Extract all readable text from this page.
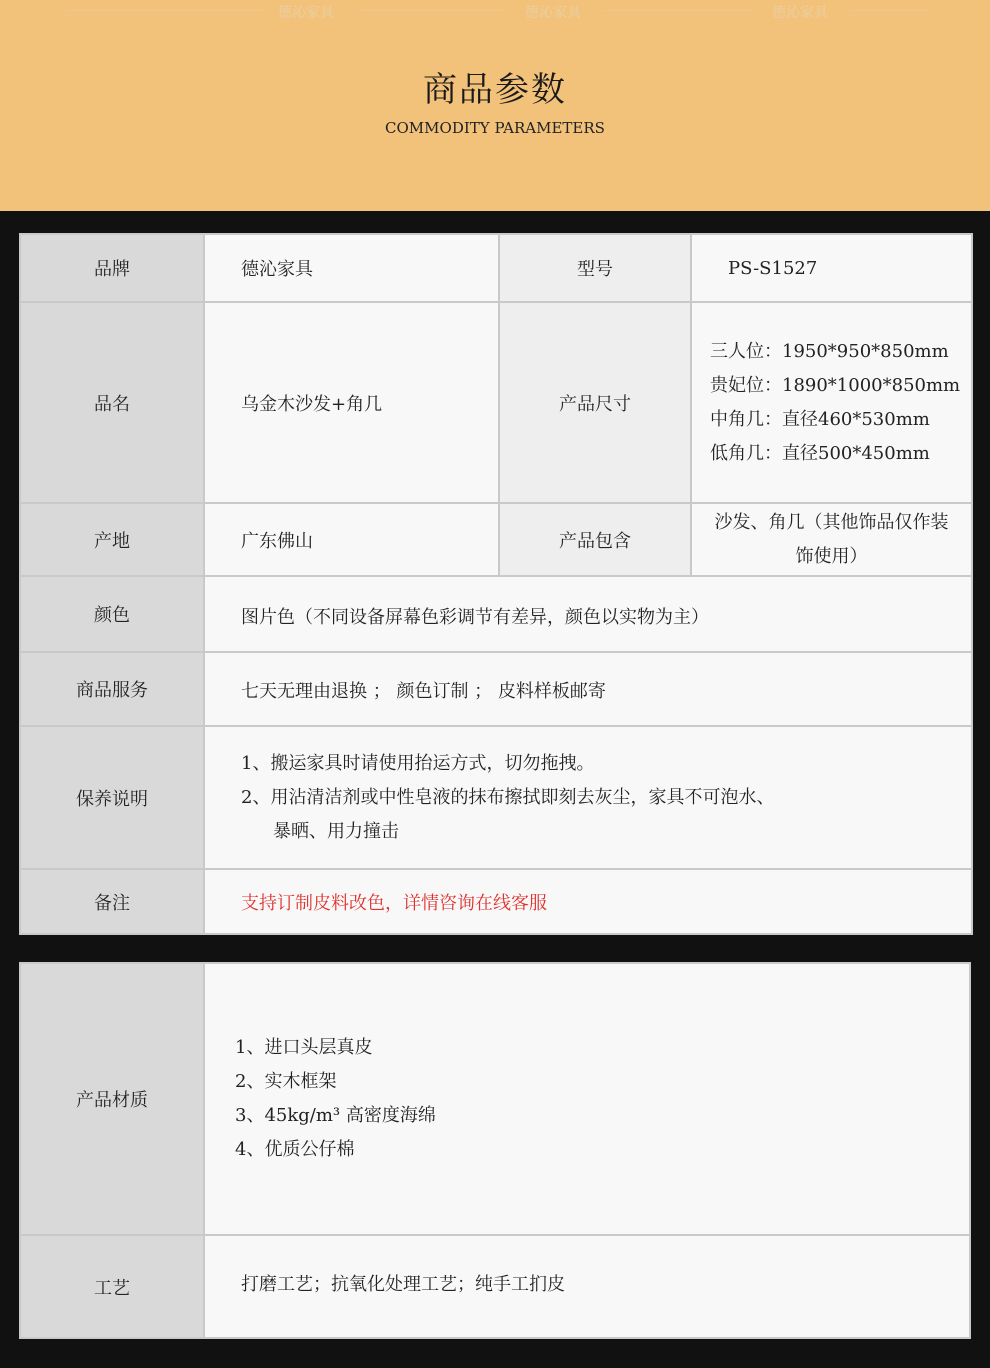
德沁家具	德沁家具	德沁家具
商品参数
COMMODITY PARAMETERS
品牌	德沁家具	型号	PS-S1527
品名	乌金木沙发+角几	产品尺寸	三人位：1950*950*850mm
贵妃位：1890*1000*850mm
中角几：直径460*530mm
低角几：直径500*450mm

产地	广东佛山	产品包含	沙发、角几（其他饰品仅作装
饰使用）

颜色	图片色（不同设备屏幕色彩调节有差异，颜色以实物为主）		
商品服务	七天无理由退换 ； 颜色订制 ； 皮料样板邮寄		
保养说明	1、搬运家具时请使用抬运方式，切勿拖拽。
2、用沾清洁剂或中性皂液的抹布擦拭即刻去灰尘，家具不可泡水、
暴晒、用力撞击		

备注	支持订制皮料改色，详情咨询在线客服		
产品材质	1、进口头层真皮
2、实木框架
3、45kg/m³ 高密度海绵
4、优质公仔棉

工艺	打磨工艺；抗氧化处理工艺；纯手工扪皮
